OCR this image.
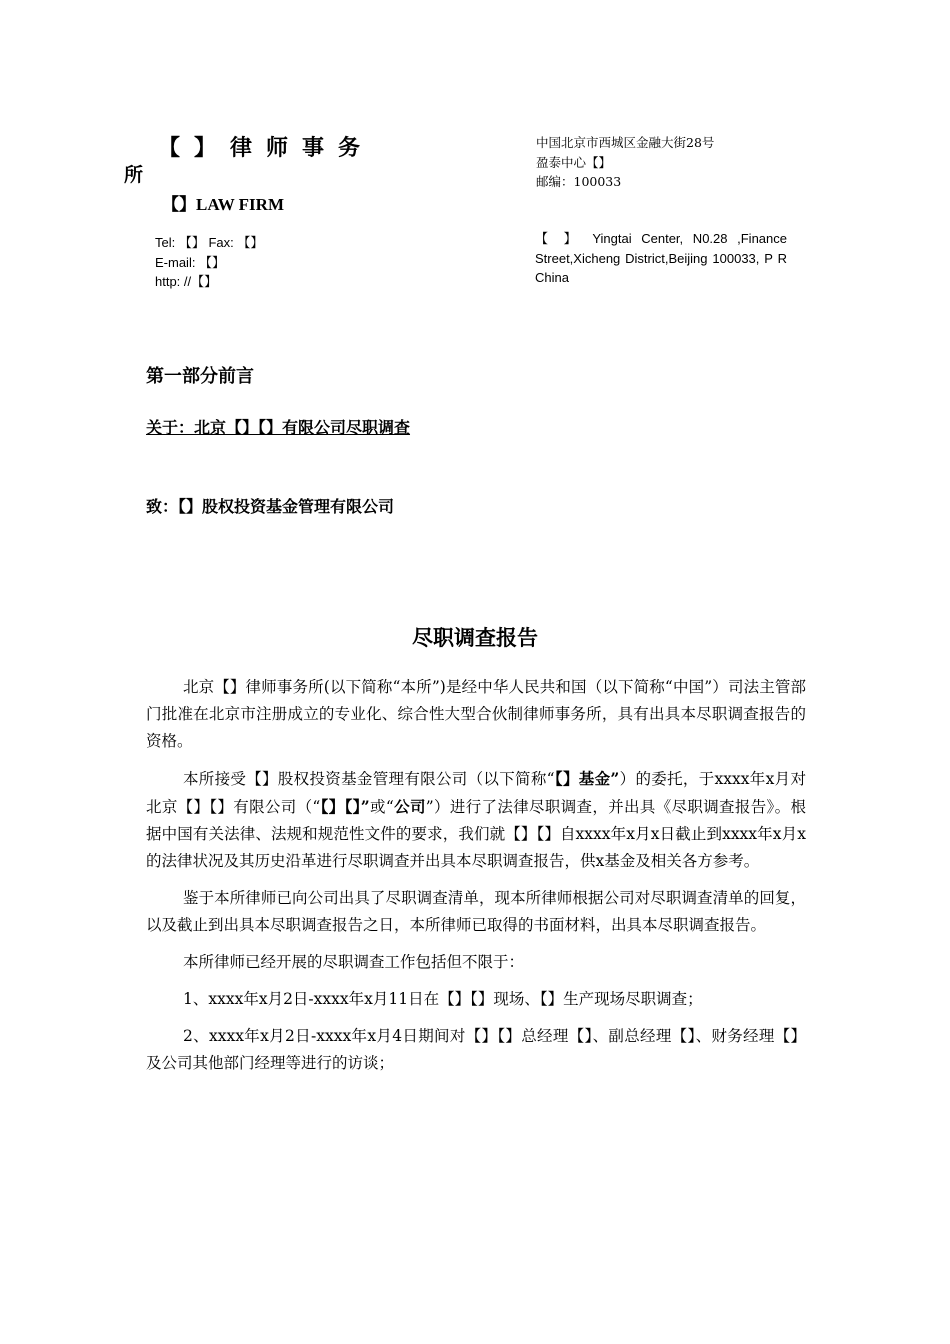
【】律师事务
所
【】LAW FIRM
Tel: 【】 Fax: 【】
E-mail: 【】
http: //【】
中国北京市西城区金融大街28号
盈泰中心【】
邮编：100033
【 】 Yingtai Center, N0.28 ,Finance Street,Xicheng District,Beijing 100033, P R China
第一部分前言
关于：北京【】【】有限公司尽职调查
致：【】股权投资基金管理有限公司
尽职调查报告

北京【】律师事务所(以下简称“本所”)是经中华人民共和国（以下简称“中国”）司法主管部门批准在北京市注册成立的专业化、综合性大型合伙制律师事务所，具有出具本尽职调查报告的资格。

本所接受【】股权投资基金管理有限公司（以下简称“【】基金”）的委托，于xxxx年x月对北京【】【】有限公司（“【】【】”或“公司”）进行了法律尽职调查，并出具《尽职调查报告》。根据中国有关法律、法规和规范性文件的要求，我们就【】【】自xxxx年x月x日截止到xxxx年x月x的法律状况及其历史沿革进行尽职调查并出具本尽职调查报告，供x基金及相关各方参考。

鉴于本所律师已向公司出具了尽职调查清单，现本所律师根据公司对尽职调查清单的回复，以及截止到出具本尽职调查报告之日，本所律师已取得的书面材料，出具本尽职调查报告。

本所律师已经开展的尽职调查工作包括但不限于：

1、xxxx年x月2日-xxxx年x月11日在【】【】现场、【】生产现场尽职调查；

2、xxxx年x月2日-xxxx年x月4日期间对【】【】总经理【】、副总经理【】、财务经理【】及公司其他部门经理等进行的访谈；
